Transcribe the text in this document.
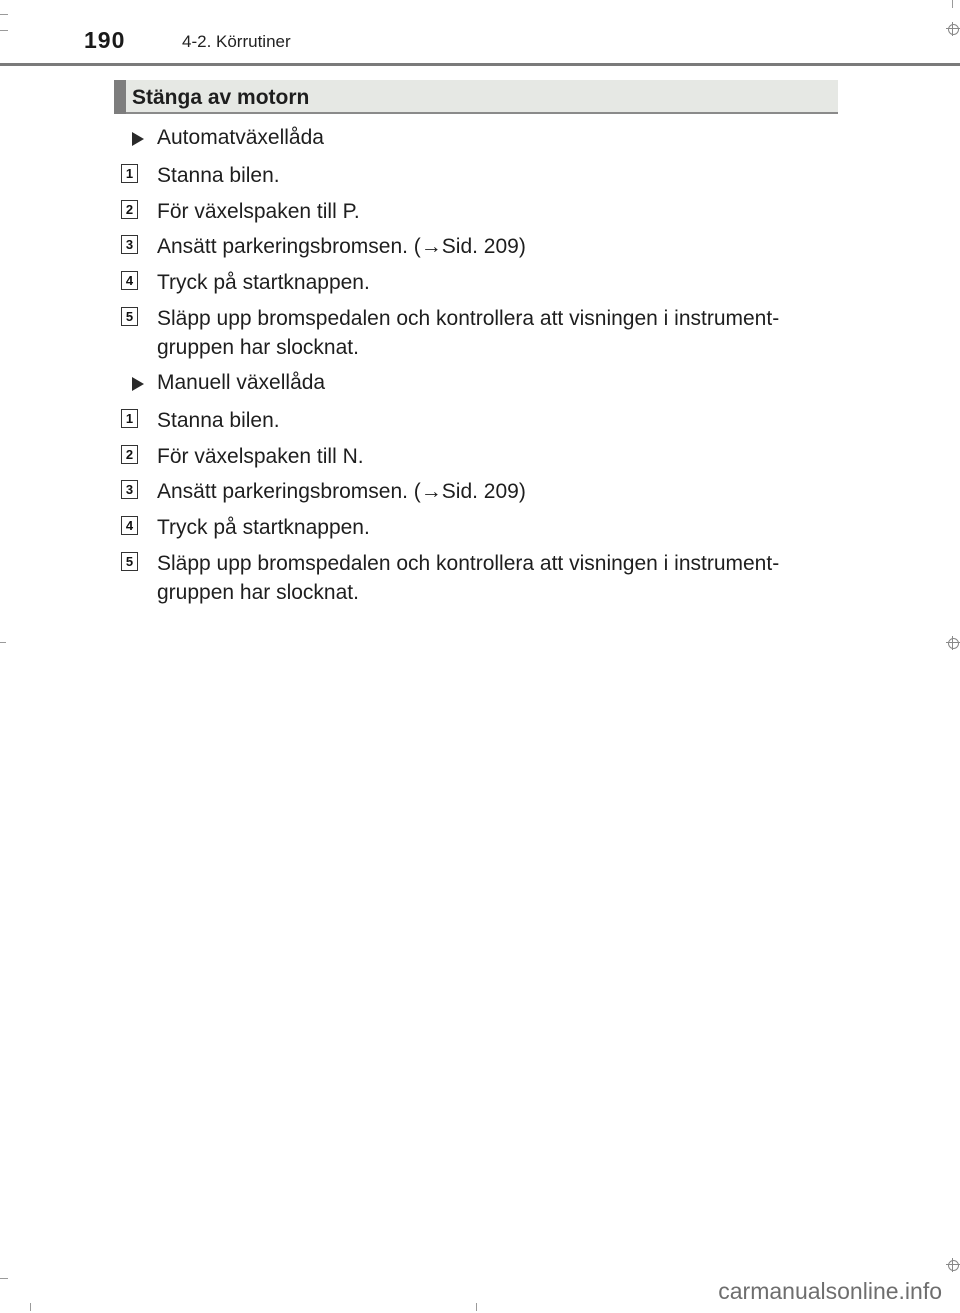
190	4-2. Körrutiner
Stänga av motorn
Automatväxellåda
1 Stanna bilen.
2 För växelspaken till P.
3 Ansätt parkeringsbromsen. (→Sid. 209)
4 Tryck på startknappen.
5 Släpp upp bromspedalen och kontrollera att visningen i instrument-gruppen har slocknat.
Manuell växellåda
1 Stanna bilen.
2 För växelspaken till N.
3 Ansätt parkeringsbromsen. (→Sid. 209)
4 Tryck på startknappen.
5 Släpp upp bromspedalen och kontrollera att visningen i instrument-gruppen har slocknat.
carmanualsonline.info
